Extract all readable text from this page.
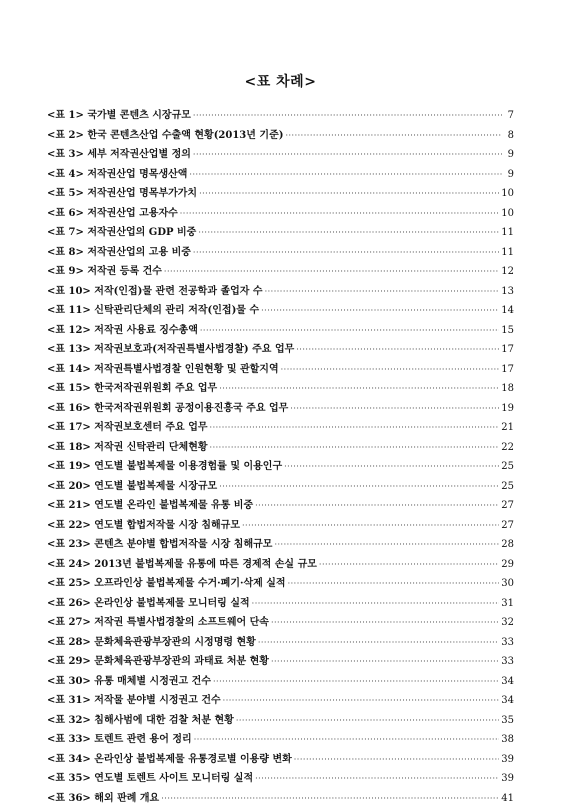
<표 차례>
<표 1> 국가별 콘텐츠 시장규모 ·····	7
<표 2> 한국 콘텐츠산업 수출액 현황(2013년 기준) ·····	8
<표 3> 세부 저작권산업별 정의 ·····	9
<표 4> 저작권산업 명목생산액 ·····	9
<표 5> 저작권산업 명목부가가치 ·····	10
<표 6> 저작권산업 고용자수 ·····	10
<표 7> 저작권산업의 GDP 비중 ·····	11
<표 8> 저작권산업의 고용 비중 ·····	11
<표 9> 저작권 등록 건수 ·····	12
<표 10> 저작(인접)물 관련 전공학과 졸업자 수 ·····	13
<표 11> 신탁관리단체의 관리 저작(인접)물 수 ·····	14
<표 12> 저작권 사용료 징수총액 ·····	15
<표 13> 저작권보호과(저작권특별사법경찰) 주요 업무 ·····	17
<표 14> 저작권특별사법경찰 인원현황 및 관할지역 ·····	17
<표 15> 한국저작권위원회 주요 업무 ·····	18
<표 16> 한국저작권위원회 공정이용진흥국 주요 업무 ·····	19
<표 17> 저작권보호센터 주요 업무 ·····	21
<표 18> 저작권 신탁관리 단체현황 ·····	22
<표 19> 연도별 불법복제물 이용경험률 및 이용인구 ·····	25
<표 20> 연도별 불법복제물 시장규모 ·····	25
<표 21> 연도별 온라인 불법복제물 유통 비중 ·····	27
<표 22> 연도별 합법저작물 시장 침해규모 ·····	27
<표 23> 콘텐츠 분야별 합법저작물 시장 침해규모 ·····	28
<표 24> 2013년 불법복제물 유통에 따른 경제적 손실 규모 ·····	29
<표 25> 오프라인상 불법복제물 수거·폐기·삭제 실적 ·····	30
<표 26> 온라인상 불법복제물 모니터링 실적 ·····	31
<표 27> 저작권 특별사법경찰의 소프트웨어 단속 ·····	32
<표 28> 문화체육관광부장관의 시정명령 현황 ·····	33
<표 29> 문화체육관광부장관의 과태료 처분 현황 ·····	33
<표 30> 유통 매체별 시정권고 건수 ·····	34
<표 31> 저작물 분야별 시정권고 건수 ·····	34
<표 32> 침해사범에 대한 검찰 처분 현황 ·····	35
<표 33> 토렌트 관련 용어 정리 ·····	38
<표 34> 온라인상 불법복제물 유통경로별 이용량 변화 ·····	39
<표 35> 연도별 토렌트 사이트 모니터링 실적 ·····	39
<표 36> 해외 판례 개요 ·····	41
